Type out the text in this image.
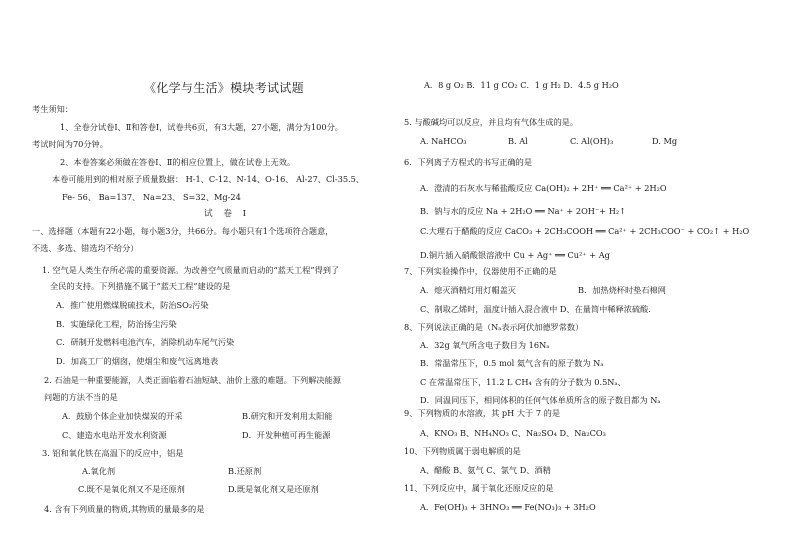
《化学与生活》模块考试试题
考生须知：
1、全卷分试卷Ⅰ、Ⅱ和答卷Ⅰ，试卷共6页，有3大题，27小题，满分为100分。
考试时间为70分钟。
2、本卷答案必须做在答卷Ⅰ、Ⅱ的相应位置上，做在试卷上无效。
本卷可能用到的相对原子质量数据： H-1、C-12、N-14、O-16、 Al-27、Cl-35.5、
Fe- 56、 Ba=137、 Na=23、 S=32、Mg-24
试 卷 Ⅰ
一、选择题（本题有22小题，每小题3分，共66分。每小题只有1个选项符合题意，
不选、多选、错选均不给分）
1. 空气是人类生存所必需的重要资源。为改善空气质量而启动的“蓝天工程”得到了
全民的支持。下列措施不属于“蓝天工程”建设的是
A．推广使用燃煤脱硫技术，防治SO₂污染
B．实施绿化工程，防治扬尘污染
C．研制开发燃料电池汽车，消除机动车尾气污染
D．加高工厂的烟囱，使烟尘和废气远离地表
2. 石油是一种重要能源，人类正面临着石油短缺、油价上涨的难题。下列解决能源
问题的方法不当的是
A．鼓励个体企业加快煤炭的开采	B.研究和开发利用太阳能
C、建造水电站开发水利资源	D．开发种植可再生能源
3. 铝和氧化铁在高温下的反应中，铝是
A.氧化剂	B.还原剂
C.既不是氧化剂又不是还原剂	D.既是氧化剂又是还原剂
4. 含有下列质量的物质,其物质的量最多的是
A．8 g O₂ B．11 g CO₂ C．1 g H₂ D．4.5 g H₂O
5. 与酸碱均可以反应，并且均有气体生成的是。
A. NaHCO₃	B. Al	C. Al(OH)₃	D. Mg
6．下列离子方程式的书写正确的是
A．澄清的石灰水与稀盐酸反应 Ca(OH)₂ + 2H⁺ ══ Ca²⁺ + 2H₂O
B．钠与水的反应 Na + 2H₂O ══ Na⁺ + 2OH⁻+ H₂↑
C.大理石于醋酸的反应 CaCO₃ + 2CH₃COOH ══ Ca²⁺ + 2CH₃COO⁻ + CO₂↑ + H₂O
D.铜片插入硝酸银溶液中 Cu + Ag⁺ ══ Cu²⁺ + Ag
7、下列实验操作中，仪器使用不正确的是
A．熄灭酒精灯用灯帽盖灭	B．加热烧杯时垫石棉网
C、制取乙烯时，温度计插入混合液中 D、在量筒中稀释浓硫酸．
8、下列说法正确的是（Nₐ表示阿伏加德罗常数）
A．32g 氧气所含电子数目为 16Nₐ
B．常温常压下，0.5 mol 氦气含有的原子数为 Nₐ
C 在常温常压下，11.2 L CH₄ 含有的分子数为 0.5Nₐ、
D．同温同压下，相同体积的任何气体单质所含的原子数目都为 Nₐ
9、下列物质的水溶液，其 pH 大于 7 的是
A、KNO₃ B、NH₄NO₃ C、Na₂SO₄ D、Na₂CO₃
10、下列物质属于弱电解质的是
A、醋酸 B、氨气 C、氯气 D、酒精
11、下列反应中，属于氧化还原反应的是
A．Fe(OH)₃ + 3HNO₃ ══ Fe(NO₃)₃ + 3H₂O
